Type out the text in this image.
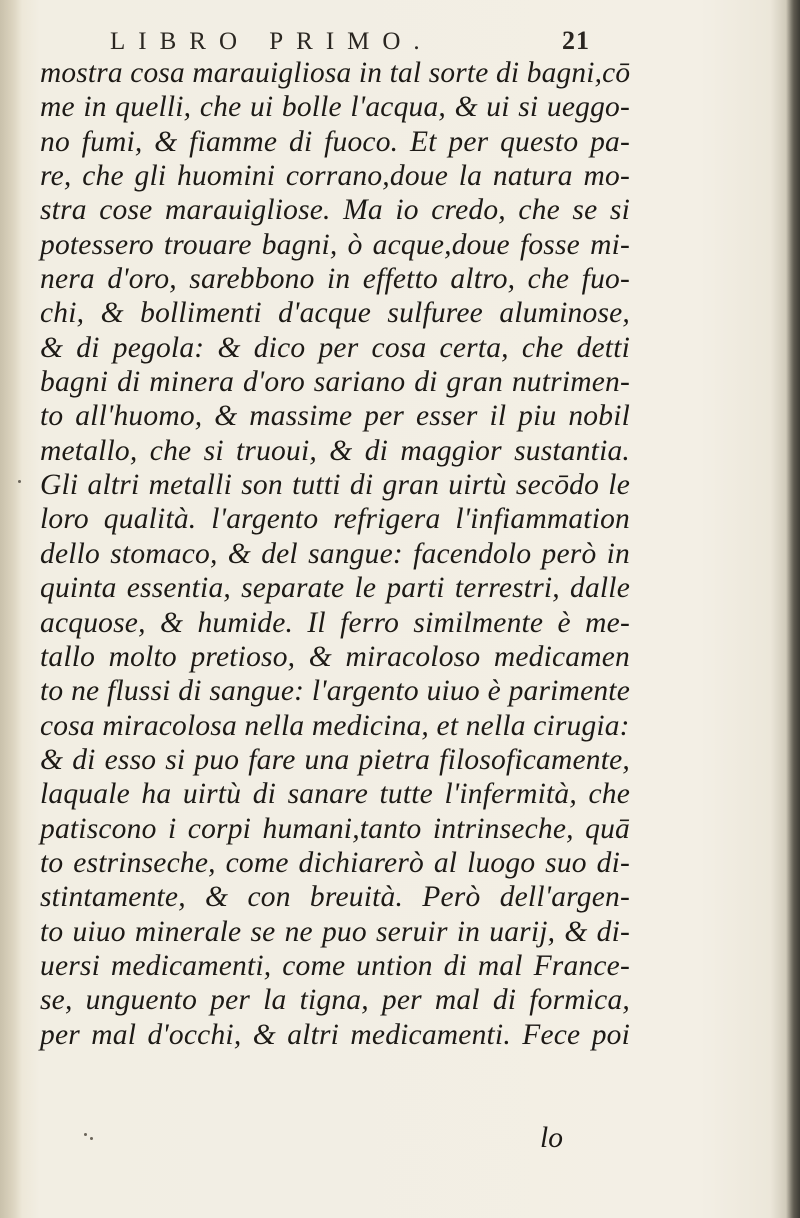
LIBRO PRIMO.	21
mostra cosa marauigliosa in tal sorte di bagni,cō
me in quelli, che ui bolle l'acqua, & ui si ueggo-
no fumi, & fiamme di fuoco. Et per questo pa-
re, che gli huomini corrano,doue la natura mo-
stra cose marauigliose. Ma io credo, che se si
potessero trouare bagni, ò acque,doue fosse mi-
nera d'oro, sarebbono in effetto altro, che fuo-
chi, & bollimenti d'acque sulfuree aluminose,
& di pegola: & dico per cosa certa, che detti
bagni di minera d'oro sariano di gran nutrimen-
to all'huomo, & massime per esser il piu nobil
metallo, che si truoui, & di maggior sustantia.
Gli altri metalli son tutti di gran uirtù secōdo le
loro qualità. l'argento refrigera l'infiammation
dello stomaco, & del sangue: facendolo però in
quinta essentia, separate le parti terrestri, dalle
acquose, & humide. Il ferro similmente è me-
tallo molto pretioso, & miracoloso medicamen
to ne flussi di sangue: l'argento uiuo è parimente
cosa miracolosa nella medicina, et nella cirugia:
& di esso si puo fare una pietra filosoficamente,
laquale ha uirtù di sanare tutte l'infermità, che
patiscono i corpi humani,tanto intrinseche, quā
to estrinseche, come dichiarerò al luogo suo di-
stintamente, & con breuità. Però dell'argen-
to uiuo minerale se ne puo seruir in uarij, & di-
uersi medicamenti, come untion di mal France-
se, unguento per la tigna, per mal di formica,
per mal d'occhi, & altri medicamenti. Fece poi
lo
